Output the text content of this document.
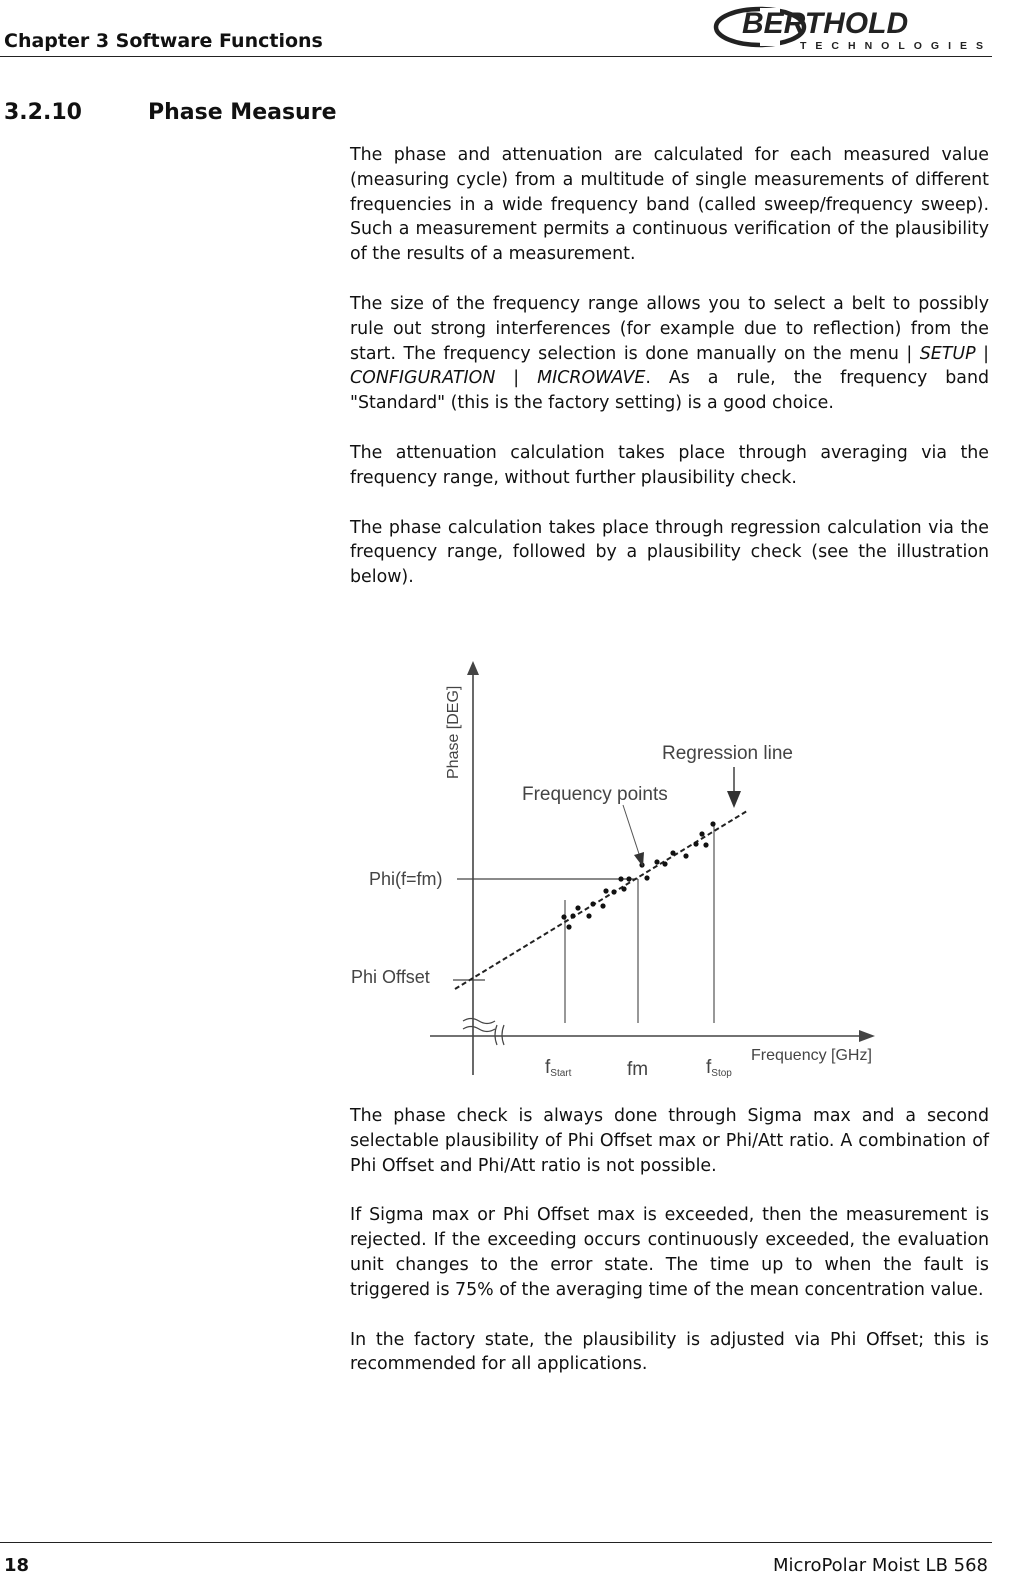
Chapter 3 Software Functions
BERTHOLD
TECHNOLOGIES
3.2.10	Phase Measure

The phase and attenuation are calculated for each measured value (measuring cycle) from a multitude of single measurements of different frequencies in a wide frequency band (called sweep/frequency sweep). Such a measurement permits a continuous verification of the plausibility of the results of a measurement.

The size of the frequency range allows you to select a belt to possibly rule out strong interferences (for example due to reflection) from the start. The frequency selection is done manually on the menu | SETUP | CONFIGURATION | MICROWAVE. As a rule, the frequency band "Standard" (this is the factory setting) is a good choice.

The attenuation calculation takes place through averaging via the frequency range, without further plausibility check.

The phase calculation takes place through regression calculation via the frequency range, followed by a plausibility check (see the illustration below).

Phase [DEG]	Regression line
Frequency points
Phi(f=fm)
Phi Offset
Frequency [GHz]
fStart	fm	fStop

The phase check is always done through Sigma max and a second selectable plausibility of Phi Offset max or Phi/Att ratio. A combination of Phi Offset and Phi/Att ratio is not possible.

If Sigma max or Phi Offset max is exceeded, then the measurement is rejected. If the exceeding occurs continuously exceeded, the evaluation unit changes to the error state. The time up to when the fault is triggered is 75% of the averaging time of the mean concentration value.

In the factory state, the plausibility is adjusted via Phi Offset; this is recommended for all applications.

18	MicroPolar Moist LB 568
